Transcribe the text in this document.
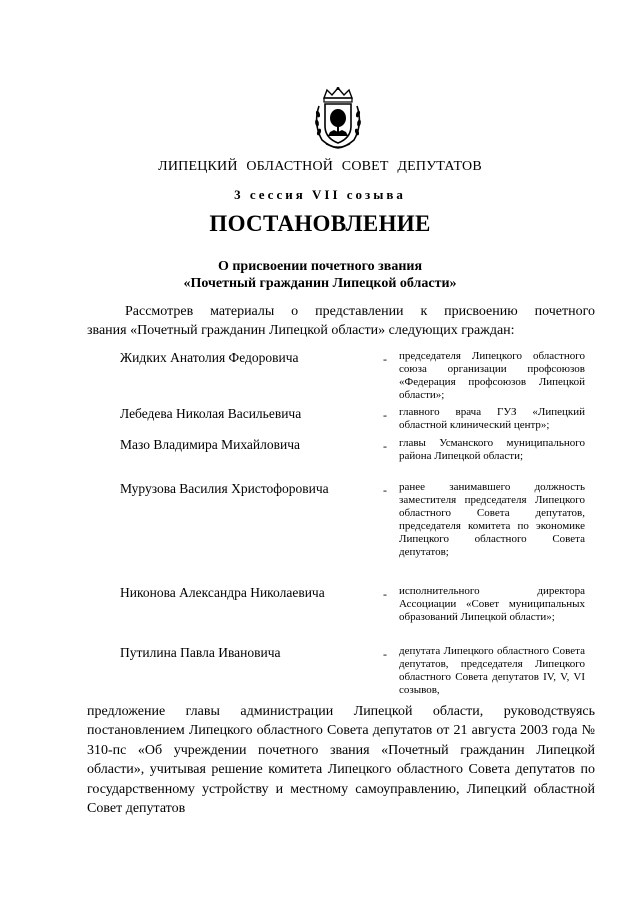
ЛИПЕЦКИЙ ОБЛАСТНОЙ СОВЕТ ДЕПУТАТОВ
3 сессия VII созыва
ПОСТАНОВЛЕНИЕ
О присвоении почетного звания
«Почетный гражданин Липецкой области»

Рассмотрев материалы о представлении к присвоению почетного

звания «Почетный гражданин Липецкой области» следующих граждан:

Жидких Анатолия Федоровича	- председателя Липецкого областного союза организации профсоюзов «Федерация профсоюзов Липецкой области»;
Лебедева Николая Васильевича	- главного врача ГУЗ «Липецкий областной клинический центр»;
Мазо Владимира Михайловича	- главы Усманского муниципального района Липецкой области;
Мурузова Василия Христофоровича	- ранее занимавшего должность заместителя председателя Липецкого областного Совета депутатов, председателя комитета по экономике Липецкого областного Совета депутатов;
Никонова Александра Николаевича	- исполнительного директора Ассоциации «Совет муниципальных образований Липецкой области»;
Путилина Павла Ивановича	- депутата Липецкого областного Совета депутатов, председателя Липецкого областного Совета депутатов IV, V, VI созывов,
предложение главы администрации Липецкой области, руководствуясь постановлением Липецкого областного Совета депутатов от 21 августа 2003 года № 310-пс «Об учреждении почетного звания «Почетный гражданин Липецкой области», учитывая решение комитета Липецкого областного Совета депутатов по государственному устройству и местному самоуправлению, Липецкий областной Совет депутатов
